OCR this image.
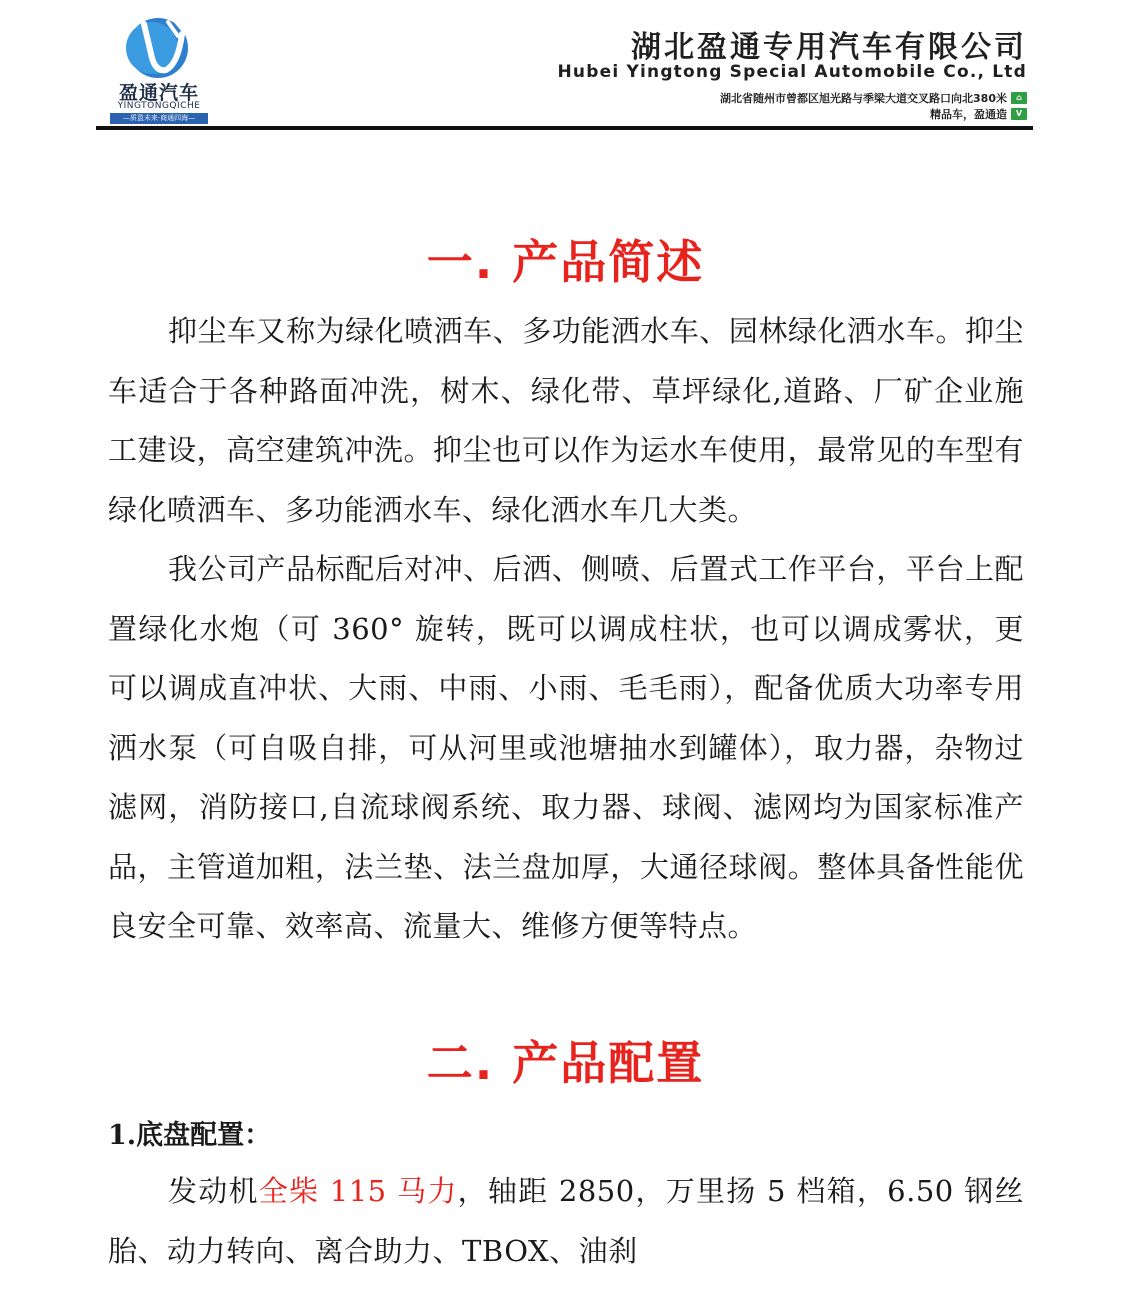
盈通汽车
YINGTONGQICHE
—质盈未来·商通四海—
湖北盈通专用汽车有限公司
Hubei Yingtong Special Automobile Co., Ltd
湖北省随州市曾都区旭光路与季梁大道交叉路口向北380米	⌂
精品车，盈通造	V
一. 产品简述

抑尘车又称为绿化喷洒车、多功能洒水车、园林绿化洒水车。抑尘车适合于各种路面冲洗，树木、绿化带、草坪绿化,道路、厂矿企业施工建设，高空建筑冲洗。抑尘也可以作为运水车使用，最常见的车型有绿化喷洒车、多功能洒水车、绿化洒水车几大类。

我公司产品标配后对冲、后洒、侧喷、后置式工作平台，平台上配置绿化水炮（可 360° 旋转，既可以调成柱状，也可以调成雾状，更可以调成直冲状、大雨、中雨、小雨、毛毛雨），配备优质大功率专用洒水泵（可自吸自排，可从河里或池塘抽水到罐体），取力器，杂物过滤网，消防接口,自流球阀系统、取力器、球阀、滤网均为国家标准产品，主管道加粗，法兰垫、法兰盘加厚，大通径球阀。整体具备性能优良安全可靠、效率高、流量大、维修方便等特点。

二. 产品配置

1.底盘配置：

发动机全柴 115 马力，轴距 2850，万里扬 5 档箱，6.50 钢丝胎、动力转向、离合助力、TBOX、油刹
